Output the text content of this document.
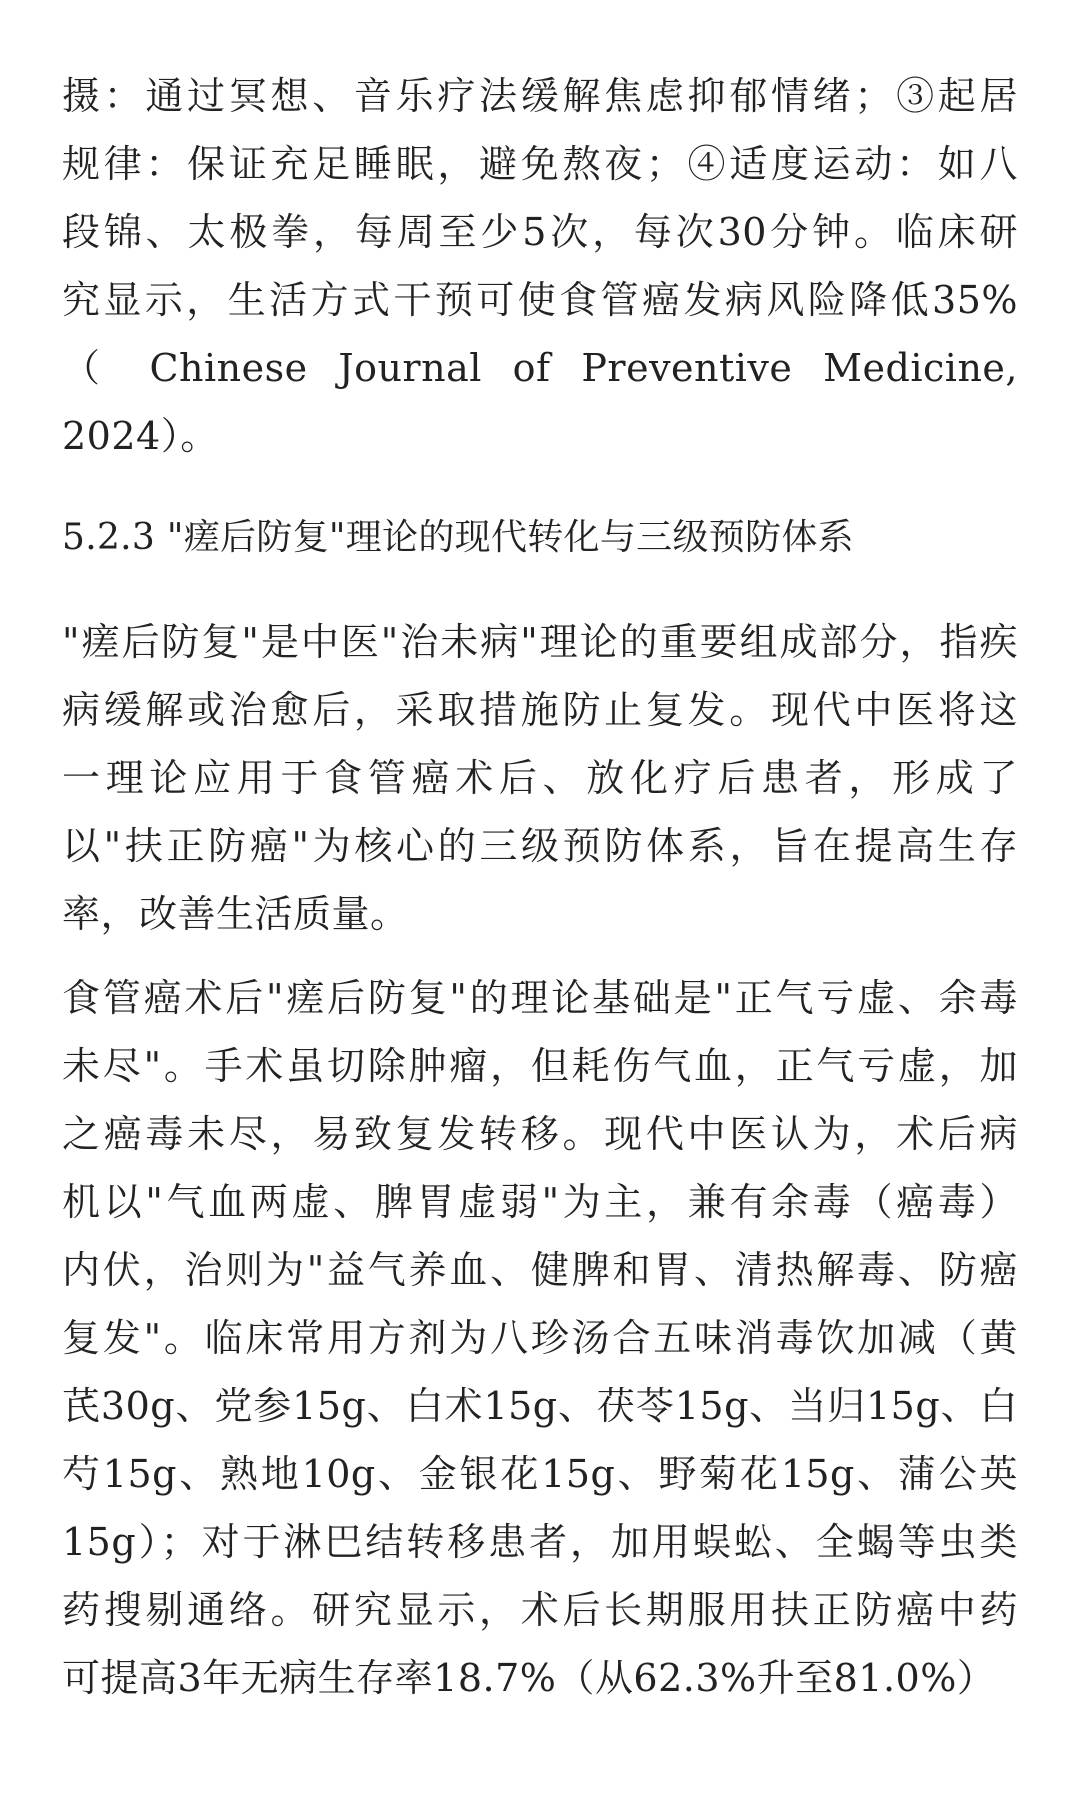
摄：通过冥想、音乐疗法缓解焦虑抑郁情绪；③起居
规律：保证充足睡眠，避免熬夜；④适度运动：如八
段锦、太极拳，每周至少5次，每次30分钟。临床研
究显示，生活方式干预可使食管癌发病风险降低35%
（ Chinese Journal of Preventive Medicine,
2024）。
5.2.3 "瘥后防复"理论的现代转化与三级预防体系
"瘥后防复"是中医"治未病"理论的重要组成部分，指疾
病缓解或治愈后，采取措施防止复发。现代中医将这
一理论应用于食管癌术后、放化疗后患者，形成了
以"扶正防癌"为核心的三级预防体系，旨在提高生存
率，改善生活质量。
食管癌术后"瘥后防复"的理论基础是"正气亏虚、余毒
未尽"。手术虽切除肿瘤，但耗伤气血，正气亏虚，加
之癌毒未尽，易致复发转移。现代中医认为，术后病
机以"气血两虚、脾胃虚弱"为主，兼有余毒（癌毒）
内伏，治则为"益气养血、健脾和胃、清热解毒、防癌
复发"。临床常用方剂为八珍汤合五味消毒饮加减（黄
芪30g、党参15g、白术15g、茯苓15g、当归15g、白
芍15g、熟地10g、金银花15g、野菊花15g、蒲公英
15g）；对于淋巴结转移患者，加用蜈蚣、全蝎等虫类
药搜剔通络。研究显示，术后长期服用扶正防癌中药
可提高3年无病生存率18.7%（从62.3%升至81.0%）
